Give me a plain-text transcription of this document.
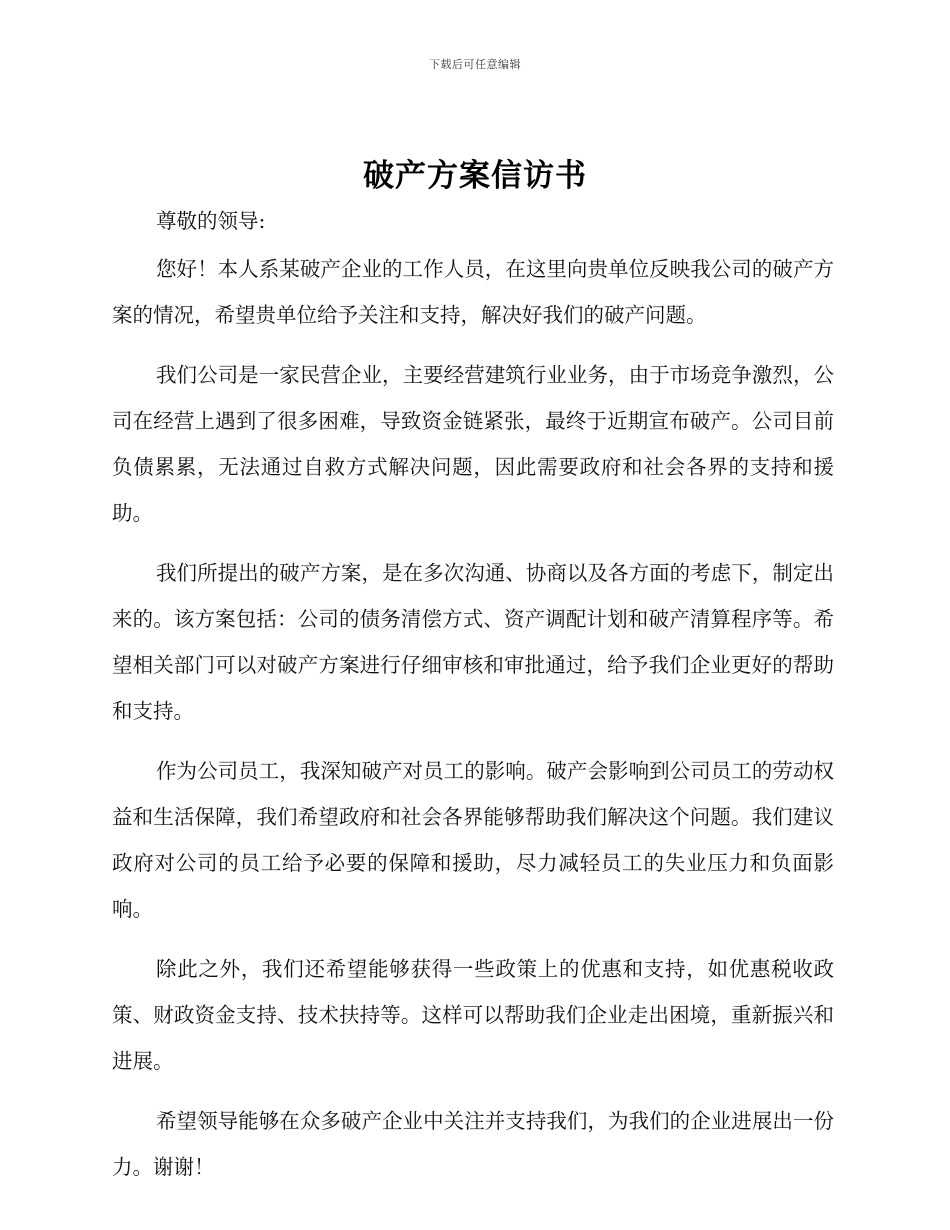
下载后可任意编辑
破产方案信访书

尊敬的领导:

您好！本人系某破产企业的工作人员，在这里向贵单位反映我公司的破产方案的情况，希望贵单位给予关注和支持，解决好我们的破产问题。

我们公司是一家民营企业，主要经营建筑行业业务，由于市场竞争激烈，公司在经营上遇到了很多困难，导致资金链紧张，最终于近期宣布破产。公司目前负债累累，无法通过自救方式解决问题，因此需要政府和社会各界的支持和援助。

我们所提出的破产方案，是在多次沟通、协商以及各方面的考虑下，制定出来的。该方案包括：公司的债务清偿方式、资产调配计划和破产清算程序等。希望相关部门可以对破产方案进行仔细审核和审批通过，给予我们企业更好的帮助和支持。

作为公司员工，我深知破产对员工的影响。破产会影响到公司员工的劳动权益和生活保障，我们希望政府和社会各界能够帮助我们解决这个问题。我们建议政府对公司的员工给予必要的保障和援助，尽力减轻员工的失业压力和负面影响。

除此之外，我们还希望能够获得一些政策上的优惠和支持，如优惠税收政策、财政资金支持、技术扶持等。这样可以帮助我们企业走出困境，重新振兴和进展。

希望领导能够在众多破产企业中关注并支持我们，为我们的企业进展出一份力。谢谢！
